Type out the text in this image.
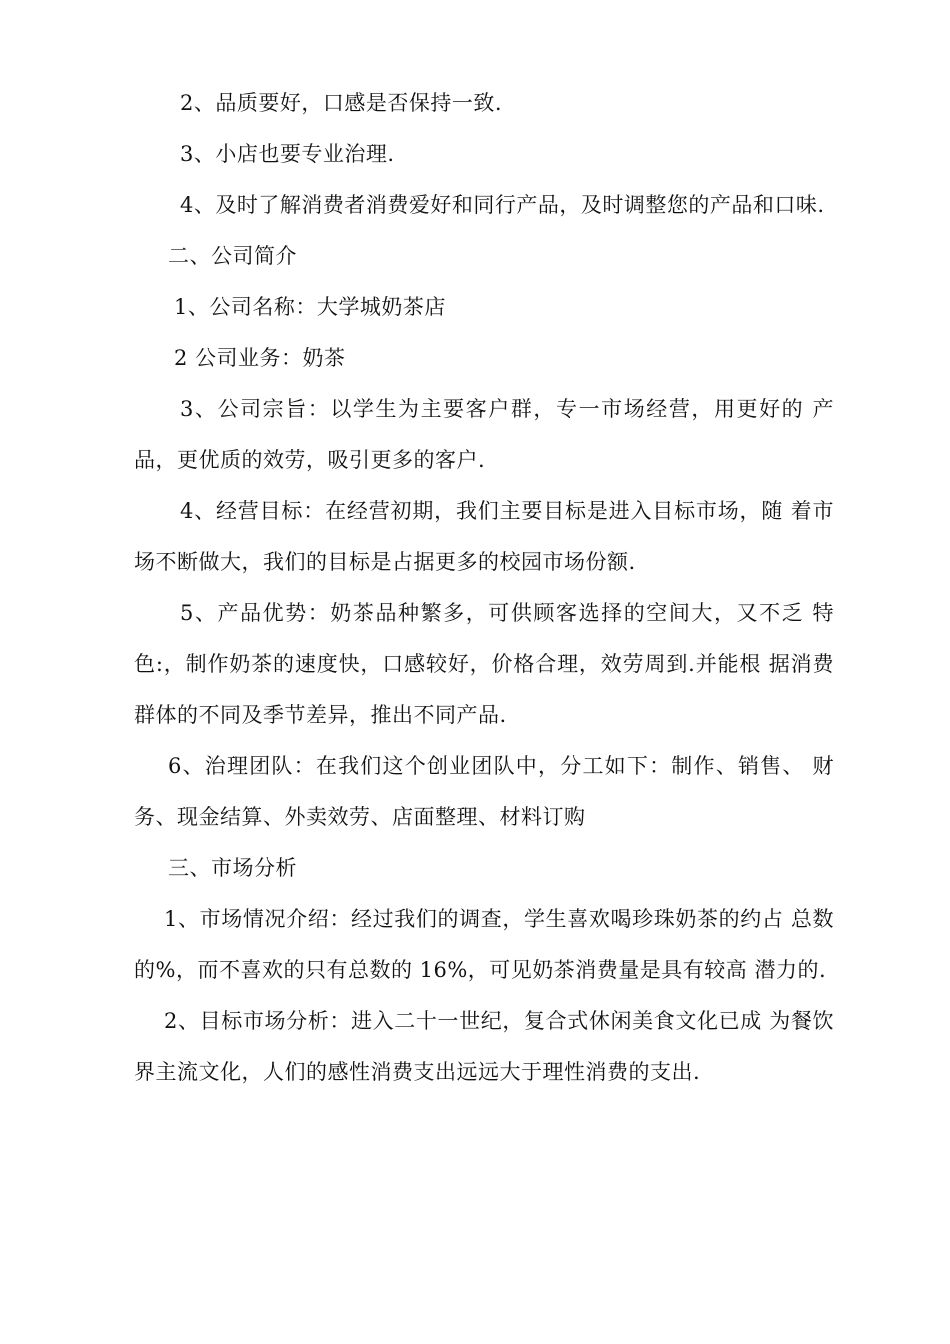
2、品质要好，口感是否保持一致.

3、小店也要专业治理.

4、及时了解消费者消费爱好和同行产品，及时调整您的产品和口味.

二、公司简介

1、公司名称：大学城奶茶店

2 公司业务：奶茶

3、公司宗旨：以学生为主要客户群，专一市场经营，用更好的 产品，更优质的效劳，吸引更多的客户.

4、经营目标：在经营初期，我们主要目标是进入目标市场，随 着市场不断做大，我们的目标是占据更多的校园市场份额.

5、产品优势：奶茶品种繁多，可供顾客选择的空间大，又不乏 特色:，制作奶茶的速度快，口感较好，价格合理，效劳周到.并能根 据消费群体的不同及季节差异，推出不同产品.

6、治理团队：在我们这个创业团队中，分工如下：制作、销售、 财务、现金结算、外卖效劳、店面整理、材料订购

三、市场分析

1、市场情况介绍：经过我们的调查，学生喜欢喝珍珠奶茶的约占 总数的%，而不喜欢的只有总数的 16%，可见奶茶消费量是具有较高 潜力的.

2、目标市场分析：进入二十一世纪，复合式休闲美食文化已成 为餐饮界主流文化，人们的感性消费支出远远大于理性消费的支出.
